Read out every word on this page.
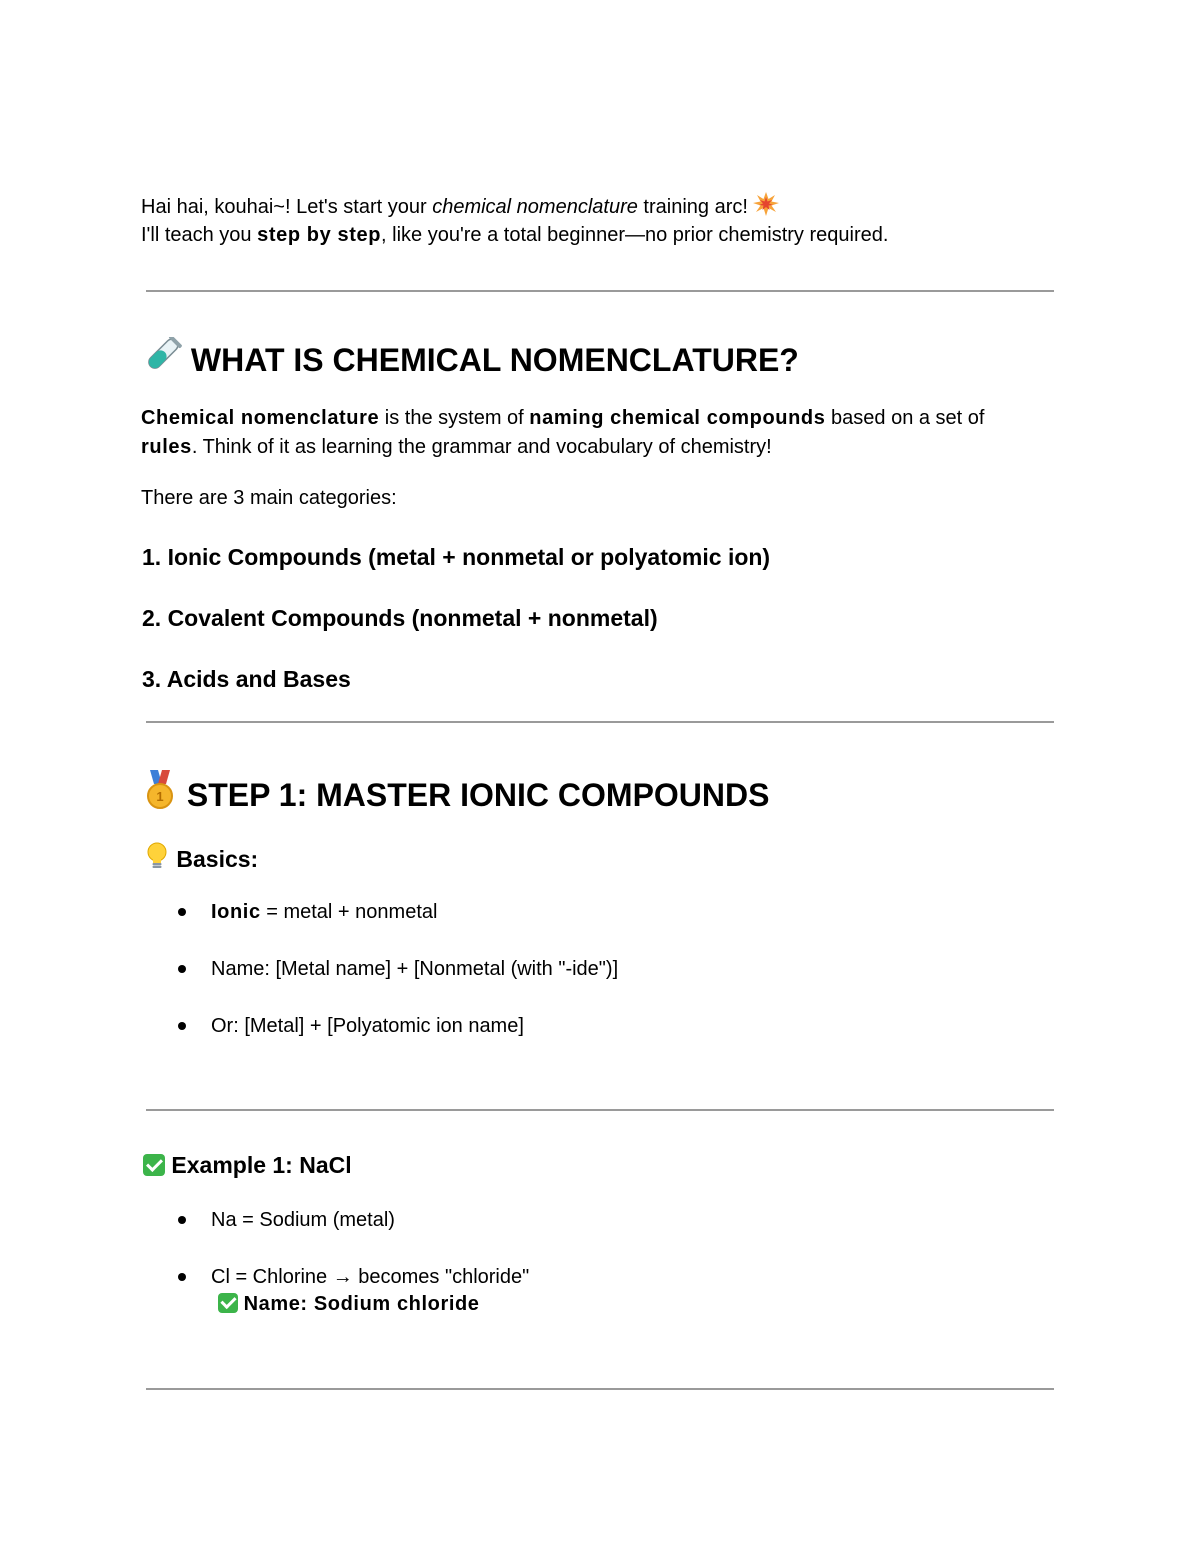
Hai hai, kouhai~! Let's start your chemical nomenclature training arc!
I'll teach you step by step, like you're a total beginner—no prior chemistry required.
WHAT IS CHEMICAL NOMENCLATURE?
Chemical nomenclature is the system of naming chemical compounds based on a set of
rules. Think of it as learning the grammar and vocabulary of chemistry!
There are 3 main categories:
1. Ionic Compounds (metal + nonmetal or polyatomic ion)
2. Covalent Compounds (nonmetal + nonmetal)
3. Acids and Bases
1 STEP 1: MASTER IONIC COMPOUNDS
Basics:
Ionic = metal + nonmetal
Name: [Metal name] + [Nonmetal (with "-ide")]
Or: [Metal] + [Polyatomic ion name]
Example 1: NaCl
Na = Sodium (metal)
Cl = Chlorine → becomes "chloride"
Name: Sodium chloride
